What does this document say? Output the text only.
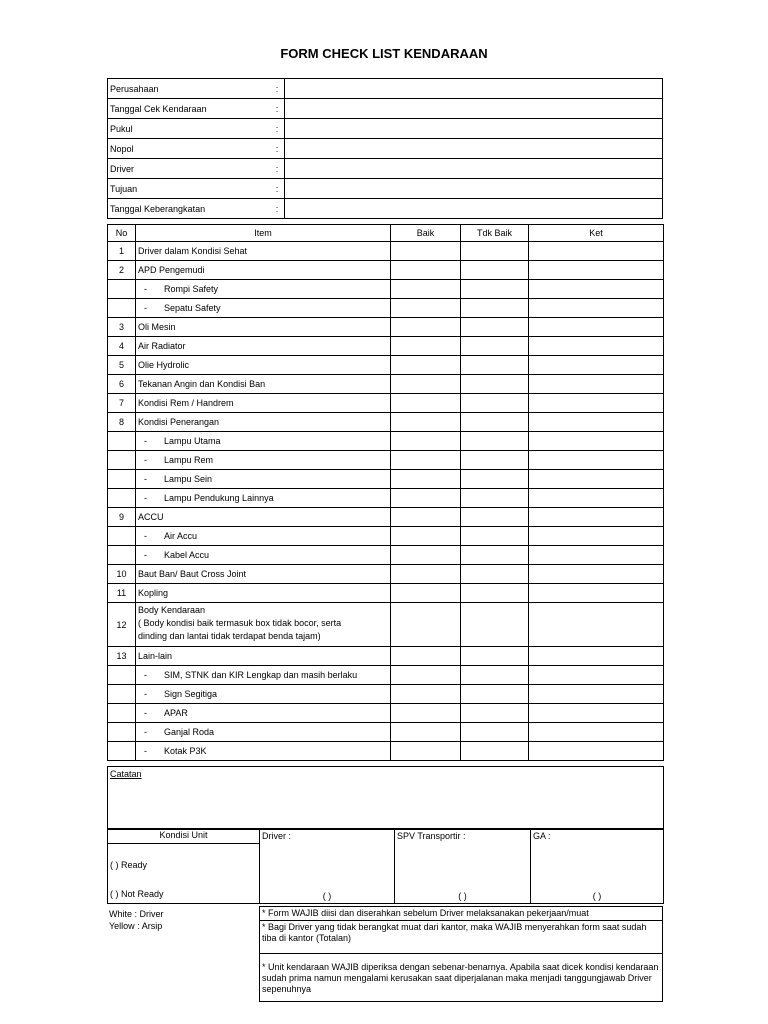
FORM CHECK LIST KENDARAAN
Perusahaan	:	
Tanggal Cek Kendaraan	:	
Pukul	:	
Nopol	:	
Driver	:	
Tujuan	:	
Tanggal Keberangkatan	:	
No	Item	Baik	Tdk Baik	Ket
1	Driver dalam Kondisi Sehat			
2	APD Pengemudi			
	- Rompi Safety			
	- Sepatu Safety			
3	Oli Mesin			
4	Air Radiator			
5	Olie Hydrolic			
6	Tekanan Angin dan Kondisi Ban			
7	Kondisi Rem / Handrem			
8	Kondisi Penerangan			
	- Lampu Utama			
	- Lampu Rem			
	- Lampu Sein			
	- Lampu Pendukung Lainnya			
9	ACCU			
	- Air Accu			
	- Kabel Accu			
10	Baut Ban/ Baut Cross Joint			
11	Kopling			
12	Body Kendaraan
( Body kondisi baik termasuk box tidak bocor, serta
dinding dan lantai tidak terdapat benda tajam)			
13	Lain-lain			
	- SIM, STNK dan KIR Lengkap dan masih berlaku			
	- Sign Segitiga			
	- APAR			
	- Ganjal Roda			
	- Kotak P3K			
Catatan
Kondisi Unit
( ) Ready
( ) Not Ready

Driver :
( )

SPV Transportir :
( )

GA :
( )
White : Driver
Yellow : Arsip
* Form WAJIB diisi dan diserahkan sebelum Driver melaksanakan pekerjaan/muat
* Bagi Driver yang tidak berangkat muat dari kantor, maka WAJIB menyerahkan form saat sudah tiba di kantor (Totalan)
* Unit kendaraan WAJIB diperiksa dengan sebenar-benarnya. Apabila saat dicek kondisi kendaraan sudah prima namun mengalami kerusakan saat diperjalanan maka menjadi tanggungjawab Driver sepenuhnya
